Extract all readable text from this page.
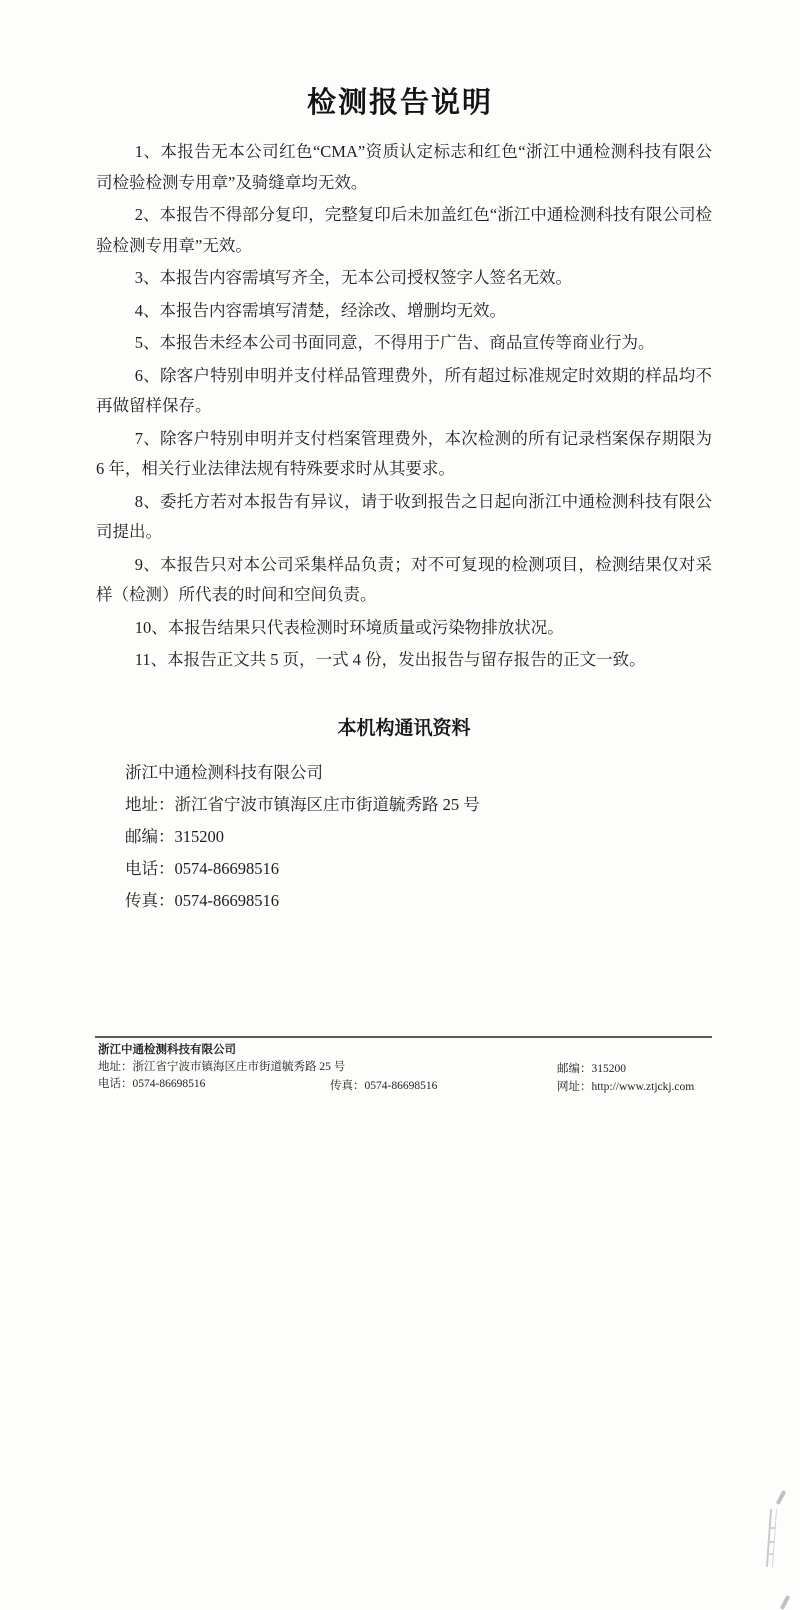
检测报告说明

1、本报告无本公司红色“CMA”资质认定标志和红色“浙江中通检测科技有限公司检验检测专用章”及骑缝章均无效。

2、本报告不得部分复印，完整复印后未加盖红色“浙江中通检测科技有限公司检验检测专用章”无效。

3、本报告内容需填写齐全，无本公司授权签字人签名无效。

4、本报告内容需填写清楚，经涂改、增删均无效。

5、本报告未经本公司书面同意，不得用于广告、商品宣传等商业行为。

6、除客户特别申明并支付样品管理费外，所有超过标准规定时效期的样品均不再做留样保存。

7、除客户特别申明并支付档案管理费外，本次检测的所有记录档案保存期限为 6 年，相关行业法律法规有特殊要求时从其要求。

8、委托方若对本报告有异议，请于收到报告之日起向浙江中通检测科技有限公司提出。

9、本报告只对本公司采集样品负责；对不可复现的检测项目，检测结果仅对采样（检测）所代表的时间和空间负责。

10、本报告结果只代表检测时环境质量或污染物排放状况。

11、本报告正文共 5 页，一式 4 份，发出报告与留存报告的正文一致。

本机构通讯资料
浙江中通检测科技有限公司
地址：浙江省宁波市镇海区庄市街道毓秀路 25 号
邮编：315200
电话：0574-86698516
传真：0574-86698516
浙江中通检测科技有限公司
地址：浙江省宁波市镇海区庄市街道毓秀路 25 号
电话：0574-86698516	传真：0574-86698516
邮编：315200
网址：http://www.ztjckj.com
